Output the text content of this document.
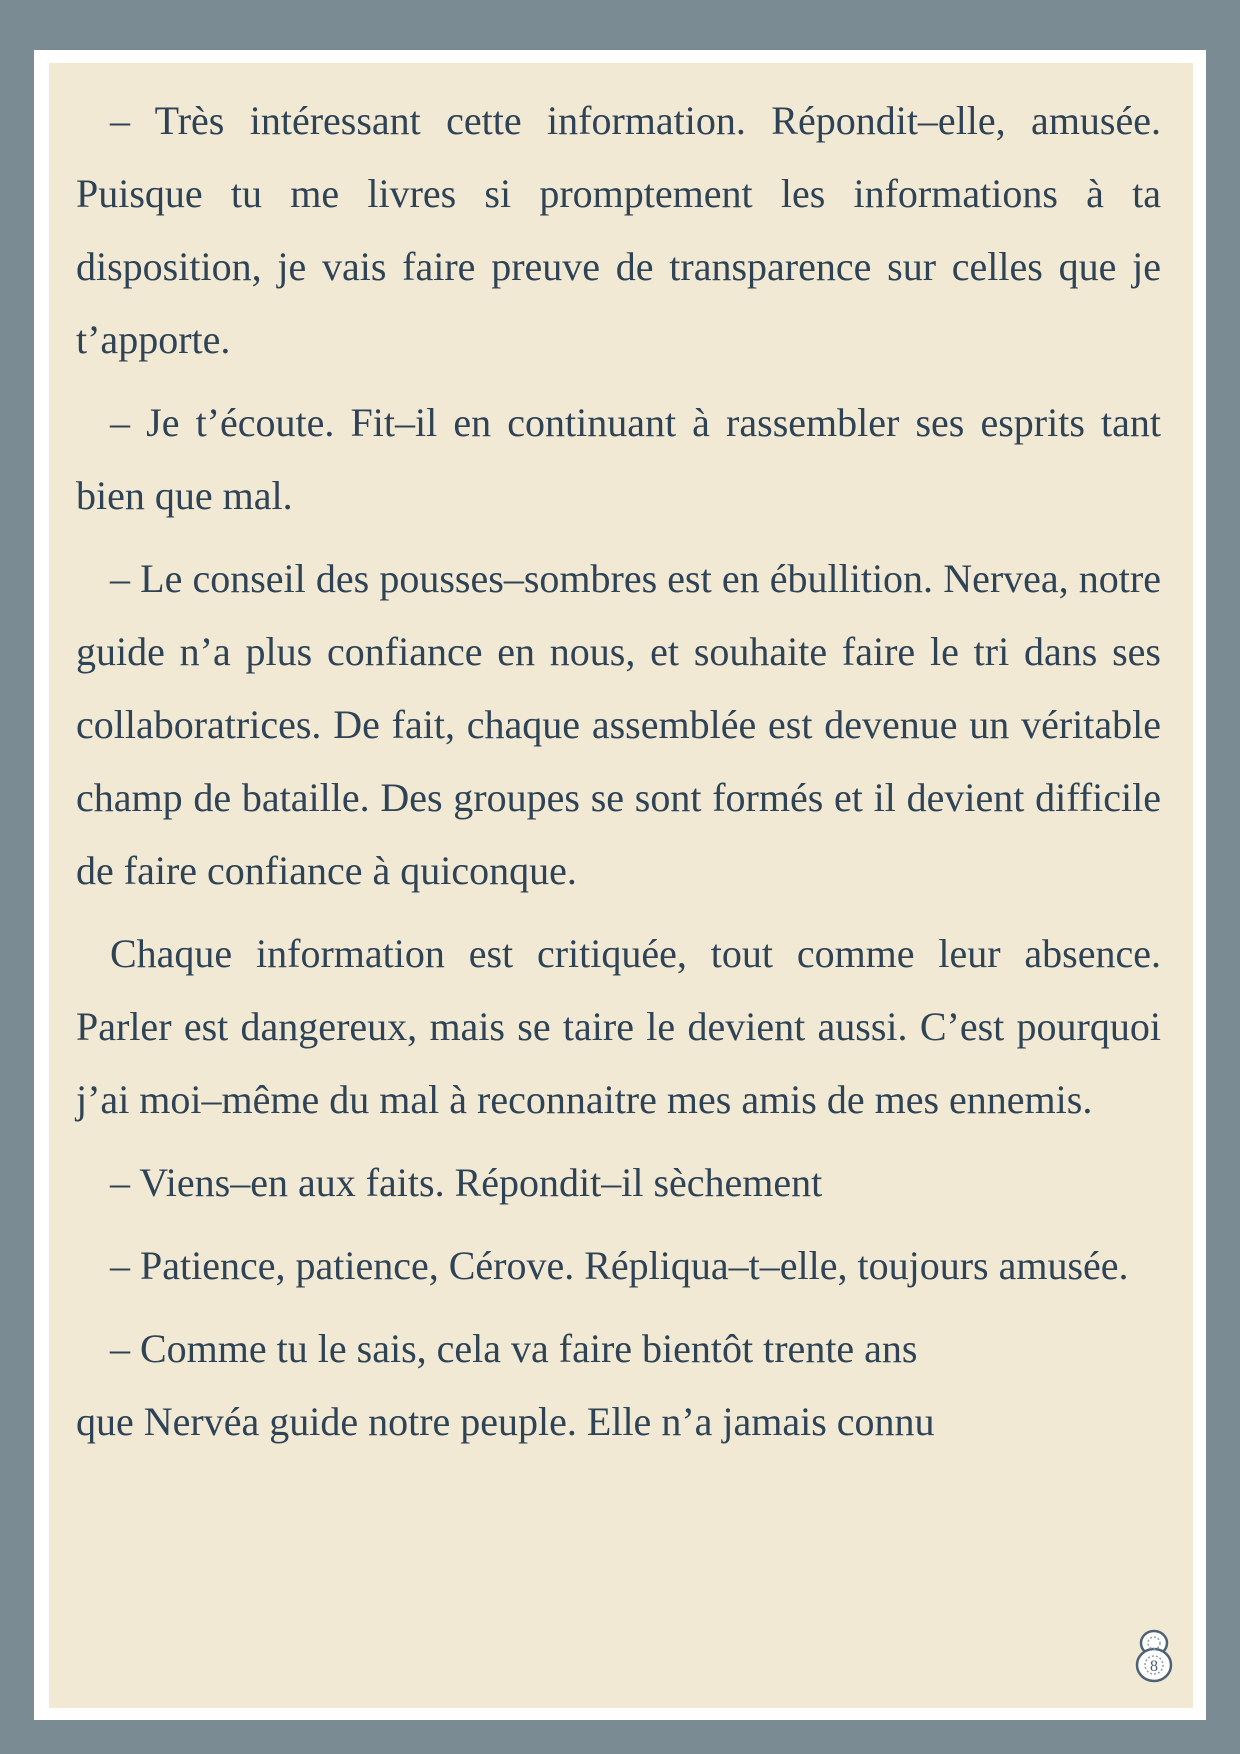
– Très intéressant cette information. Répondit–elle, amusée. Puisque tu me livres si promptement les informations à ta disposition, je vais faire preuve de transparence sur celles que je t’apporte.

– Je t’écoute. Fit–il en continuant à rassembler ses esprits tant bien que mal.

– Le conseil des pousses–sombres est en ébullition. Nervea, notre guide n’a plus confiance en nous, et souhaite faire le tri dans ses collaboratrices. De fait, chaque assemblée est devenue un véritable champ de bataille. Des groupes se sont formés et il devient difficile de faire confiance à quiconque.

Chaque information est critiquée, tout comme leur absence. Parler est dangereux, mais se taire le devient aussi. C’est pourquoi j’ai moi–même du mal à reconnaitre mes amis de mes ennemis.

– Viens–en aux faits. Répondit–il sèchement

– Patience, patience, Cérove. Répliqua–t–elle, toujours amusée.

– Comme tu le sais, cela va faire bientôt trente ans
que Nervéa guide notre peuple. Elle n’a jamais connu

8
